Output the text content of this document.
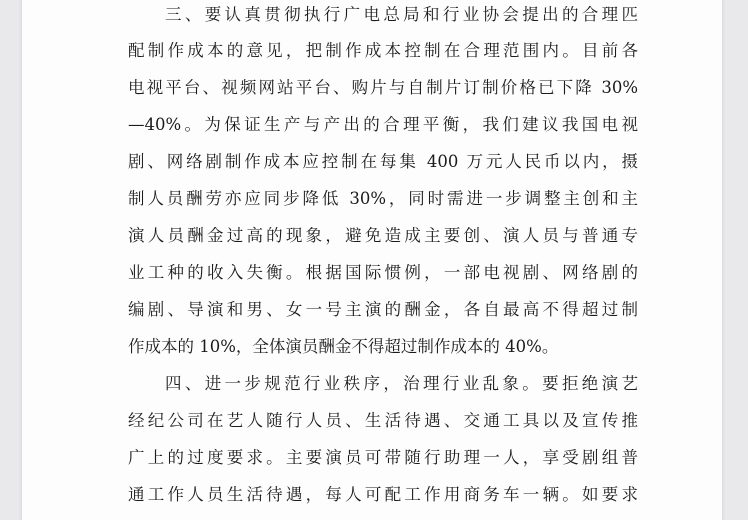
三、要认真贯彻执行广电总局和行业协会提出的合理匹
配制作成本的意见，把制作成本控制在合理范围内。目前各
电视平台、视频网站平台、购片与自制片订制价格已下降 30%
—40%。为保证生产与产出的合理平衡，我们建议我国电视
剧、网络剧制作成本应控制在每集 400 万元人民币以内，摄
制人员酬劳亦应同步降低 30%，同时需进一步调整主创和主
演人员酬金过高的现象，避免造成主要创、演人员与普通专
业工种的收入失衡。根据国际惯例，一部电视剧、网络剧的
编剧、导演和男、女一号主演的酬金，各自最高不得超过制
作成本的 10%，全体演员酬金不得超过制作成本的 40%。
四、进一步规范行业秩序，治理行业乱象。要拒绝演艺
经纪公司在艺人随行人员、生活待遇、交通工具以及宣传推
广上的过度要求。主要演员可带随行助理一人，享受剧组普
通工作人员生活待遇，每人可配工作用商务车一辆。如要求
